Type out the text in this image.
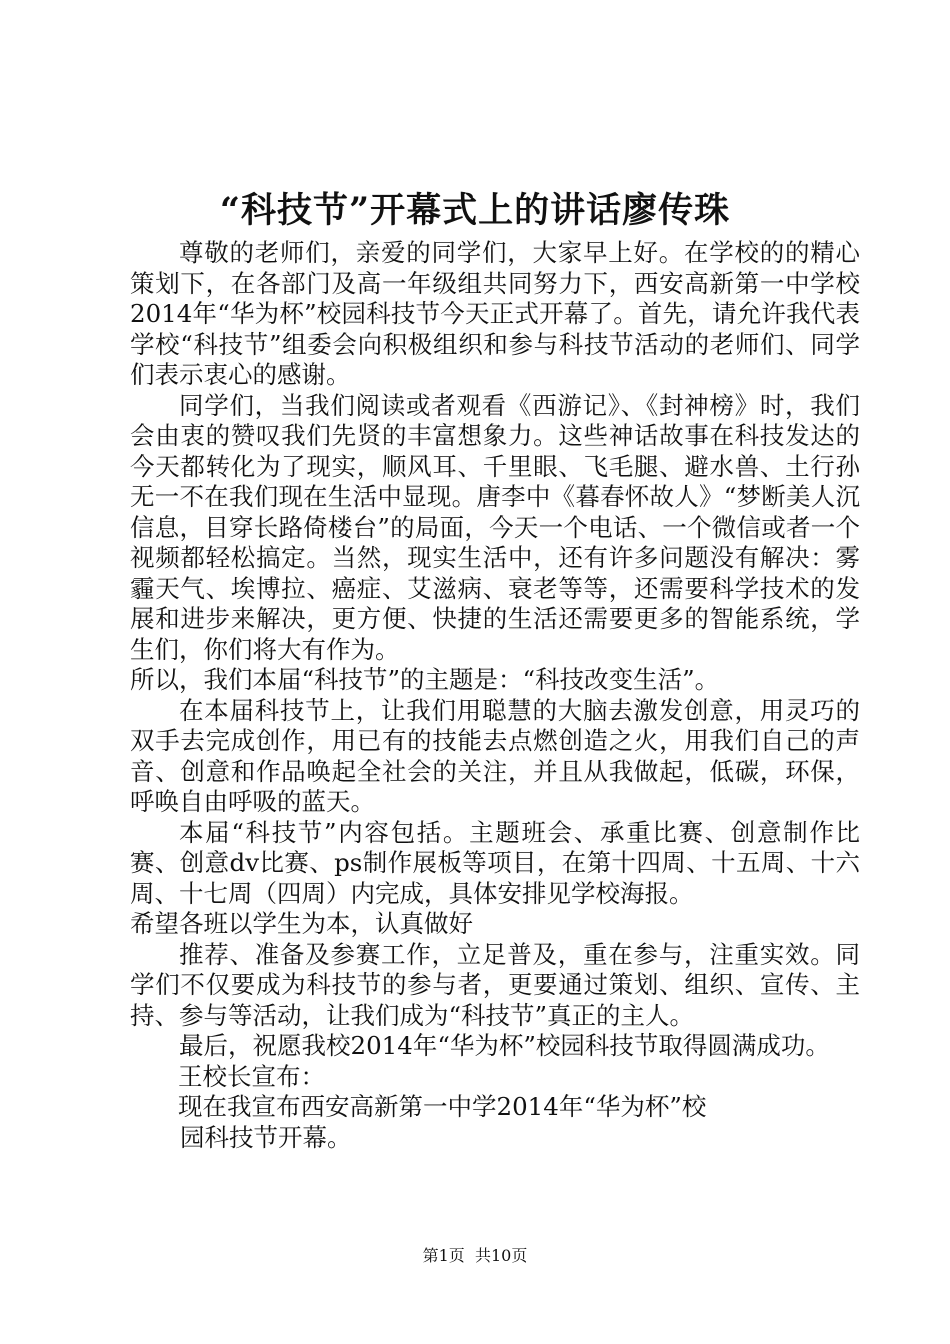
“科技节”开幕式上的讲话廖传珠

尊敬的老师们，亲爱的同学们，大家早上好。在学校的的精心策划下，在各部门及高一年级组共同努力下，西安高新第一中学校2014年“华为杯”校园科技节今天正式开幕了。首先，请允许我代表学校“科技节”组委会向积极组织和参与科技节活动的老师们、同学们表示衷心的感谢。

同学们，当我们阅读或者观看《西游记》、《封神榜》时，我们会由衷的赞叹我们先贤的丰富想象力。这些神话故事在科技发达的今天都转化为了现实，顺风耳、千里眼、飞毛腿、避水兽、土行孙无一不在我们现在生活中显现。唐李中《暮春怀故人》“梦断美人沉信息，目穿长路倚楼台”的局面，今天一个电话、一个微信或者一个视频都轻松搞定。当然，现实生活中，还有许多问题没有解决：雾霾天气、埃博拉、癌症、艾滋病、衰老等等，还需要科学技术的发展和进步来解决，更方便、快捷的生活还需要更多的智能系统，学生们，你们将大有作为。

所以，我们本届“科技节”的主题是：“科技改变生活”。

在本届科技节上，让我们用聪慧的大脑去激发创意，用灵巧的双手去完成创作，用已有的技能去点燃创造之火，用我们自己的声音、创意和作品唤起全社会的关注，并且从我做起，低碳，环保，呼唤自由呼吸的蓝天。

本届“科技节”内容包括。主题班会、承重比赛、创意制作比赛、创意dv比赛、ps制作展板等项目，在第十四周、十五周、十六周、十七周（四周）内完成，具体安排见学校海报。

希望各班以学生为本，认真做好

推荐、准备及参赛工作，立足普及，重在参与，注重实效。同学们不仅要成为科技节的参与者，更要通过策划、组织、宣传、主持、参与等活动，让我们成为“科技节”真正的主人。

最后，祝愿我校2014年“华为杯”校园科技节取得圆满成功。

王校长宣布：

现在我宣布西安高新第一中学2014年“华为杯”校

园科技节开幕。

第1页 共10页
